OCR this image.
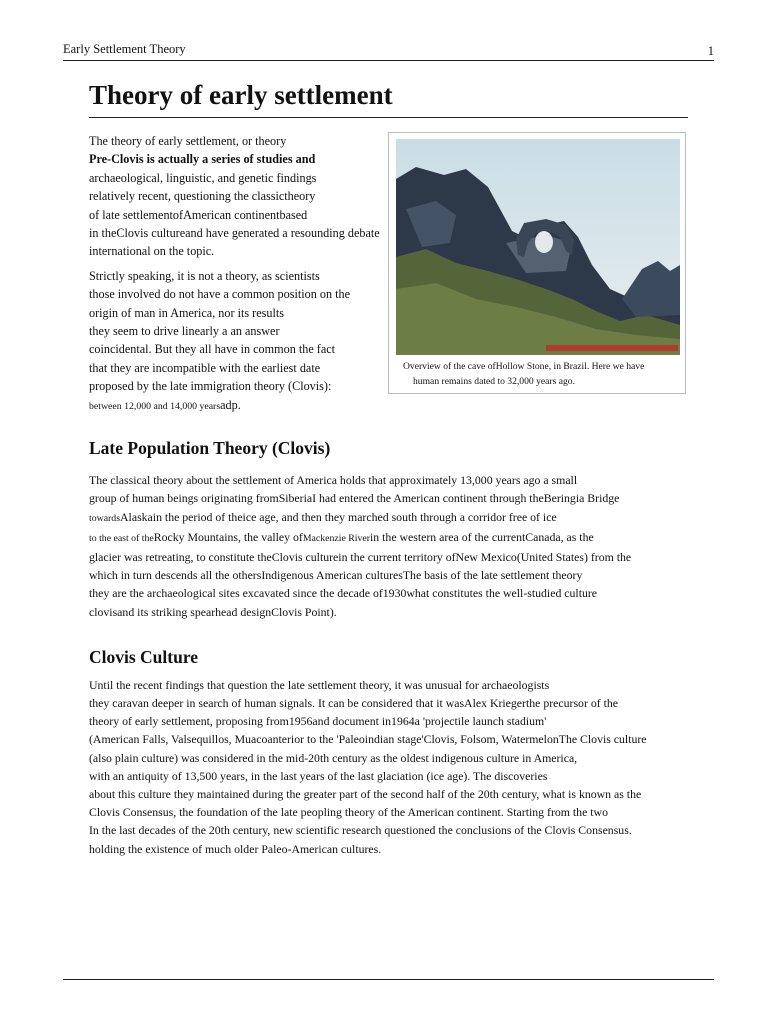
Early Settlement Theory	1
Theory of early settlement

The theory of early settlement, or theory
Pre-Clovis is actually a series of studies and
archaeological, linguistic, and genetic findings
relatively recent, questioning the classictheory
of late settlementofAmerican continentbased
in theClovis cultureand have generated a resounding debate
international on the topic.

Strictly speaking, it is not a theory, as scientists
those involved do not have a common position on the
origin of man in America, nor its results
they seem to drive linearly a an answer
coincidental. But they all have in common the fact
that they are incompatible with the earliest date
proposed by the late immigration theory (Clovis):
between 12,000 and 14,000 yearsadp.

Overview of the cave ofHollow Stone, in Brazil. Here we have
human remains dated to 32,000 years ago.
Late Population Theory (Clovis)

The classical theory about the settlement of America holds that approximately 13,000 years ago a small
group of human beings originating fromSiberiaI had entered the American continent through theBeringia Bridge
towardsAlaskain the period of theice age, and then they marched south through a corridor free of ice
to the east of theRocky Mountains, the valley ofMackenzie Riverin the western area of the currentCanada, as the
glacier was retreating, to constitute theClovis culturein the current territory ofNew Mexico(United States) from the
which in turn descends all the othersIndigenous American culturesThe basis of the late settlement theory
they are the archaeological sites excavated since the decade of1930what constitutes the well-studied culture
clovisand its striking spearhead designClovis Point).

Clovis Culture

Until the recent findings that question the late settlement theory, it was unusual for archaeologists
they caravan deeper in search of human signals. It can be considered that it wasAlex Kriegerthe precursor of the
theory of early settlement, proposing from1956and document in1964a 'projectile launch stadium'
(American Falls, Valsequillos, Muacoanterior to the 'Paleoindian stage'Clovis, Folsom, WatermelonThe Clovis culture
(also plain culture) was considered in the mid-20th century as the oldest indigenous culture in America,
with an antiquity of 13,500 years, in the last years of the last glaciation (ice age). The discoveries
about this culture they maintained during the greater part of the second half of the 20th century, what is known as the
Clovis Consensus, the foundation of the late peopling theory of the American continent. Starting from the two
In the last decades of the 20th century, new scientific research questioned the conclusions of the Clovis Consensus.
holding the existence of much older Paleo-American cultures.
